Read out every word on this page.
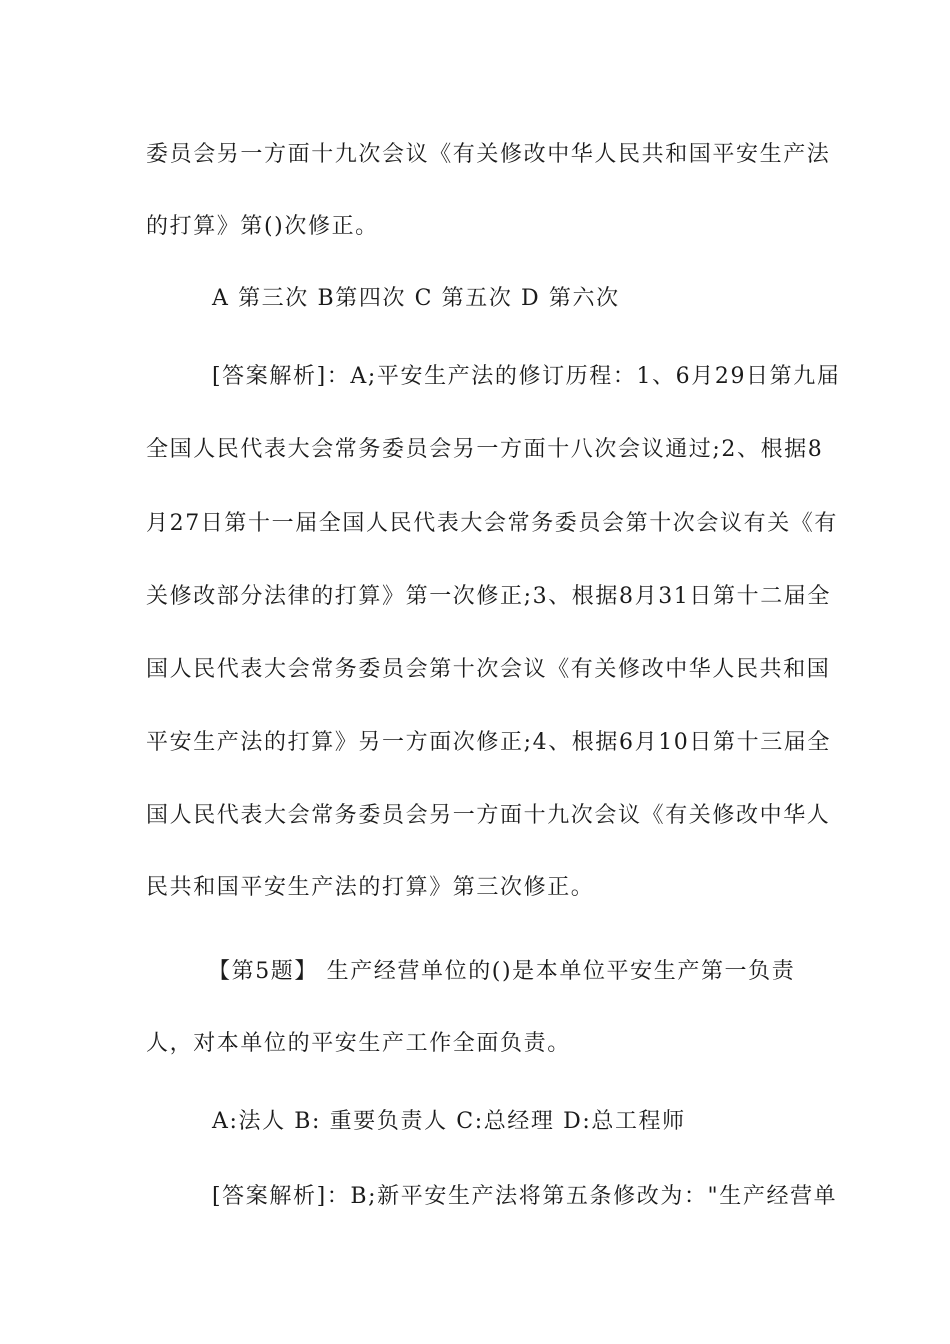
委员会另一方面十九次会议《有关修改中华人民共和国平安生产法

的打算》第()次修正。

A 第三次 B第四次 C 第五次 D 第六次

[答案解析]：A;平安生产法的修订历程：1、6月29日第九届

全国人民代表大会常务委员会另一方面十八次会议通过;2、根据8

月27日第十一届全国人民代表大会常务委员会第十次会议有关《有

关修改部分法律的打算》第一次修正;3、根据8月31日第十二届全

国人民代表大会常务委员会第十次会议《有关修改中华人民共和国

平安生产法的打算》另一方面次修正;4、根据6月10日第十三届全

国人民代表大会常务委员会另一方面十九次会议《有关修改中华人

民共和国平安生产法的打算》第三次修正。

【第5题】 生产经营单位的()是本单位平安生产第一负责

人，对本单位的平安生产工作全面负责。

A:法人 B: 重要负责人 C:总经理 D:总工程师

[答案解析]：B;新平安生产法将第五条修改为："生产经营单
